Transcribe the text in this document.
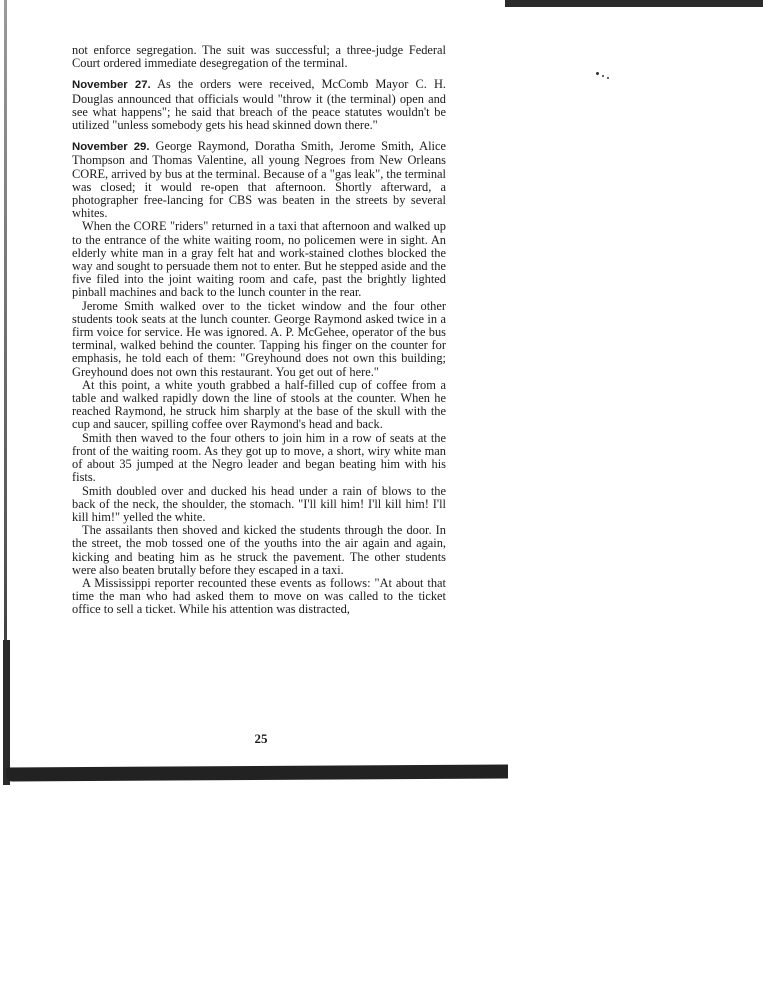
not enforce segregation. The suit was successful; a three-judge Federal Court ordered immediate desegregation of the terminal.

November 27. As the orders were received, McComb Mayor C. H. Douglas announced that officials would "throw it (the terminal) open and see what happens"; he said that breach of the peace statutes wouldn't be utilized "unless somebody gets his head skinned down there."

November 29. George Raymond, Doratha Smith, Jerome Smith, Alice Thompson and Thomas Valentine, all young Negroes from New Orleans CORE, arrived by bus at the terminal. Because of a "gas leak", the terminal was closed; it would re-open that afternoon. Shortly afterward, a photographer free-lancing for CBS was beaten in the streets by several whites.

When the CORE "riders" returned in a taxi that afternoon and walked up to the entrance of the white waiting room, no policemen were in sight. An elderly white man in a gray felt hat and work-stained clothes blocked the way and sought to persuade them not to enter. But he stepped aside and the five filed into the joint waiting room and cafe, past the brightly lighted pinball machines and back to the lunch counter in the rear.

Jerome Smith walked over to the ticket window and the four other students took seats at the lunch counter. George Raymond asked twice in a firm voice for service. He was ignored. A. P. McGehee, operator of the bus terminal, walked behind the counter. Tapping his finger on the counter for emphasis, he told each of them: "Greyhound does not own this building; Greyhound does not own this restaurant. You get out of here."

At this point, a white youth grabbed a half-filled cup of coffee from a table and walked rapidly down the line of stools at the counter. When he reached Raymond, he struck him sharply at the base of the skull with the cup and saucer, spilling coffee over Raymond's head and back.

Smith then waved to the four others to join him in a row of seats at the front of the waiting room. As they got up to move, a short, wiry white man of about 35 jumped at the Negro leader and began beating him with his fists.

Smith doubled over and ducked his head under a rain of blows to the back of the neck, the shoulder, the stomach. "I'll kill him! I'll kill him! I'll kill him!" yelled the white.

The assailants then shoved and kicked the students through the door. In the street, the mob tossed one of the youths into the air again and again, kicking and beating him as he struck the pavement. The other students were also beaten brutally before they escaped in a taxi.

A Mississippi reporter recounted these events as follows: "At about that time the man who had asked them to move on was called to the ticket office to sell a ticket. While his attention was distracted,

25
